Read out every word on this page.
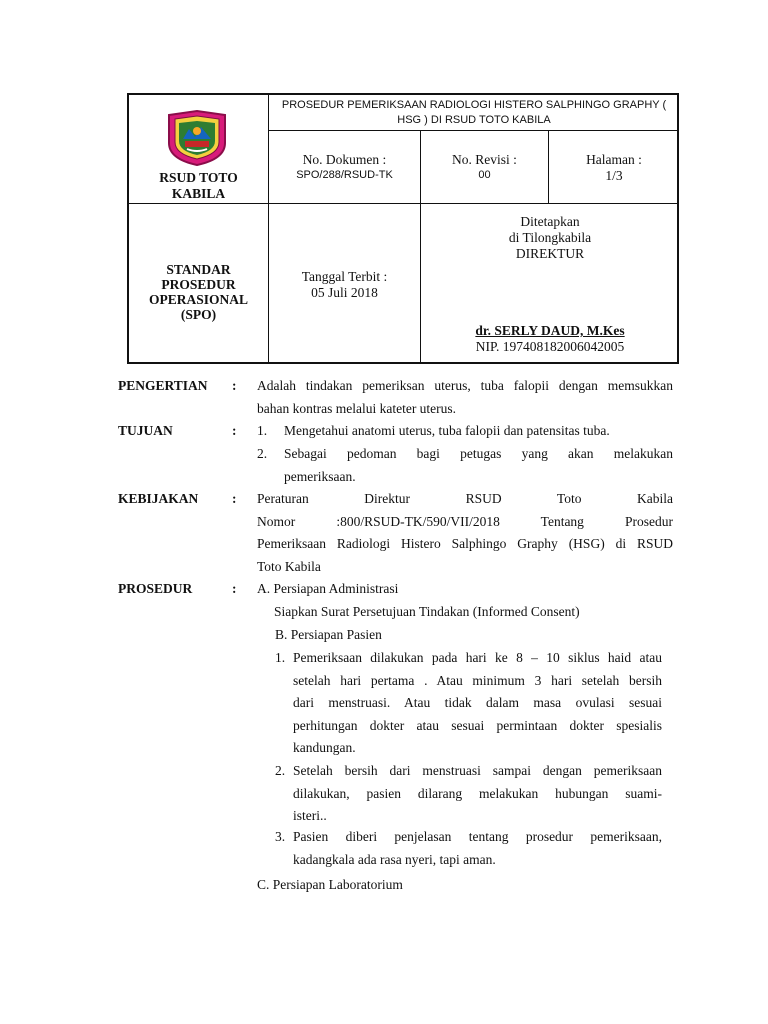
RSUD TOTO
KABILA
PROSEDUR PEMERIKSAAN RADIOLOGI HISTERO SALPHINGO GRAPHY (
HSG ) DI RSUD TOTO KABILA
No. Dokumen :
SPO/288/RSUD-TK
No. Revisi :
00
Halaman :
1/3
STANDAR
PROSEDUR
OPERASIONAL
(SPO)
Tanggal Terbit :
05 Juli 2018
Ditetapkan
di Tilongkabila
DIREKTUR
dr. SERLY DAUD, M.Kes
NIP. 197408182006042005
PENGERTIAN : Adalah tindakan pemeriksan uterus, tuba falopii dengan memsukkan
bahan kontras melalui kateter uterus.
TUJUAN	: 1. Mengetahui anatomi uterus, tuba falopii dan patensitas tuba.
2. Sebagai pedoman bagi petugas yang akan melakukan
pemeriksaan.
KEBIJAKAN : Peraturan Direktur RSUD Toto Kabila
Nomor :800/RSUD-TK/590/VII/2018 Tentang Prosedur
Pemeriksaan Radiologi Histero Salphingo Graphy (HSG) di RSUD
Toto Kabila
PROSEDUR	: A. Persiapan Administrasi
Siapkan Surat Persetujuan Tindakan (Informed Consent)
B. Persiapan Pasien
1. Pemeriksaan dilakukan pada hari ke 8 – 10 siklus haid atau
setelah hari pertama . Atau minimum 3 hari setelah bersih
dari menstruasi. Atau tidak dalam masa ovulasi sesuai
perhitungan dokter atau sesuai permintaan dokter spesialis
kandungan.
2. Setelah bersih dari menstruasi sampai dengan pemeriksaan
dilakukan, pasien dilarang melakukan hubungan suami-
isteri..
3. Pasien diberi penjelasan tentang prosedur pemeriksaan,
kadangkala ada rasa nyeri, tapi aman.
C. Persiapan Laboratorium
